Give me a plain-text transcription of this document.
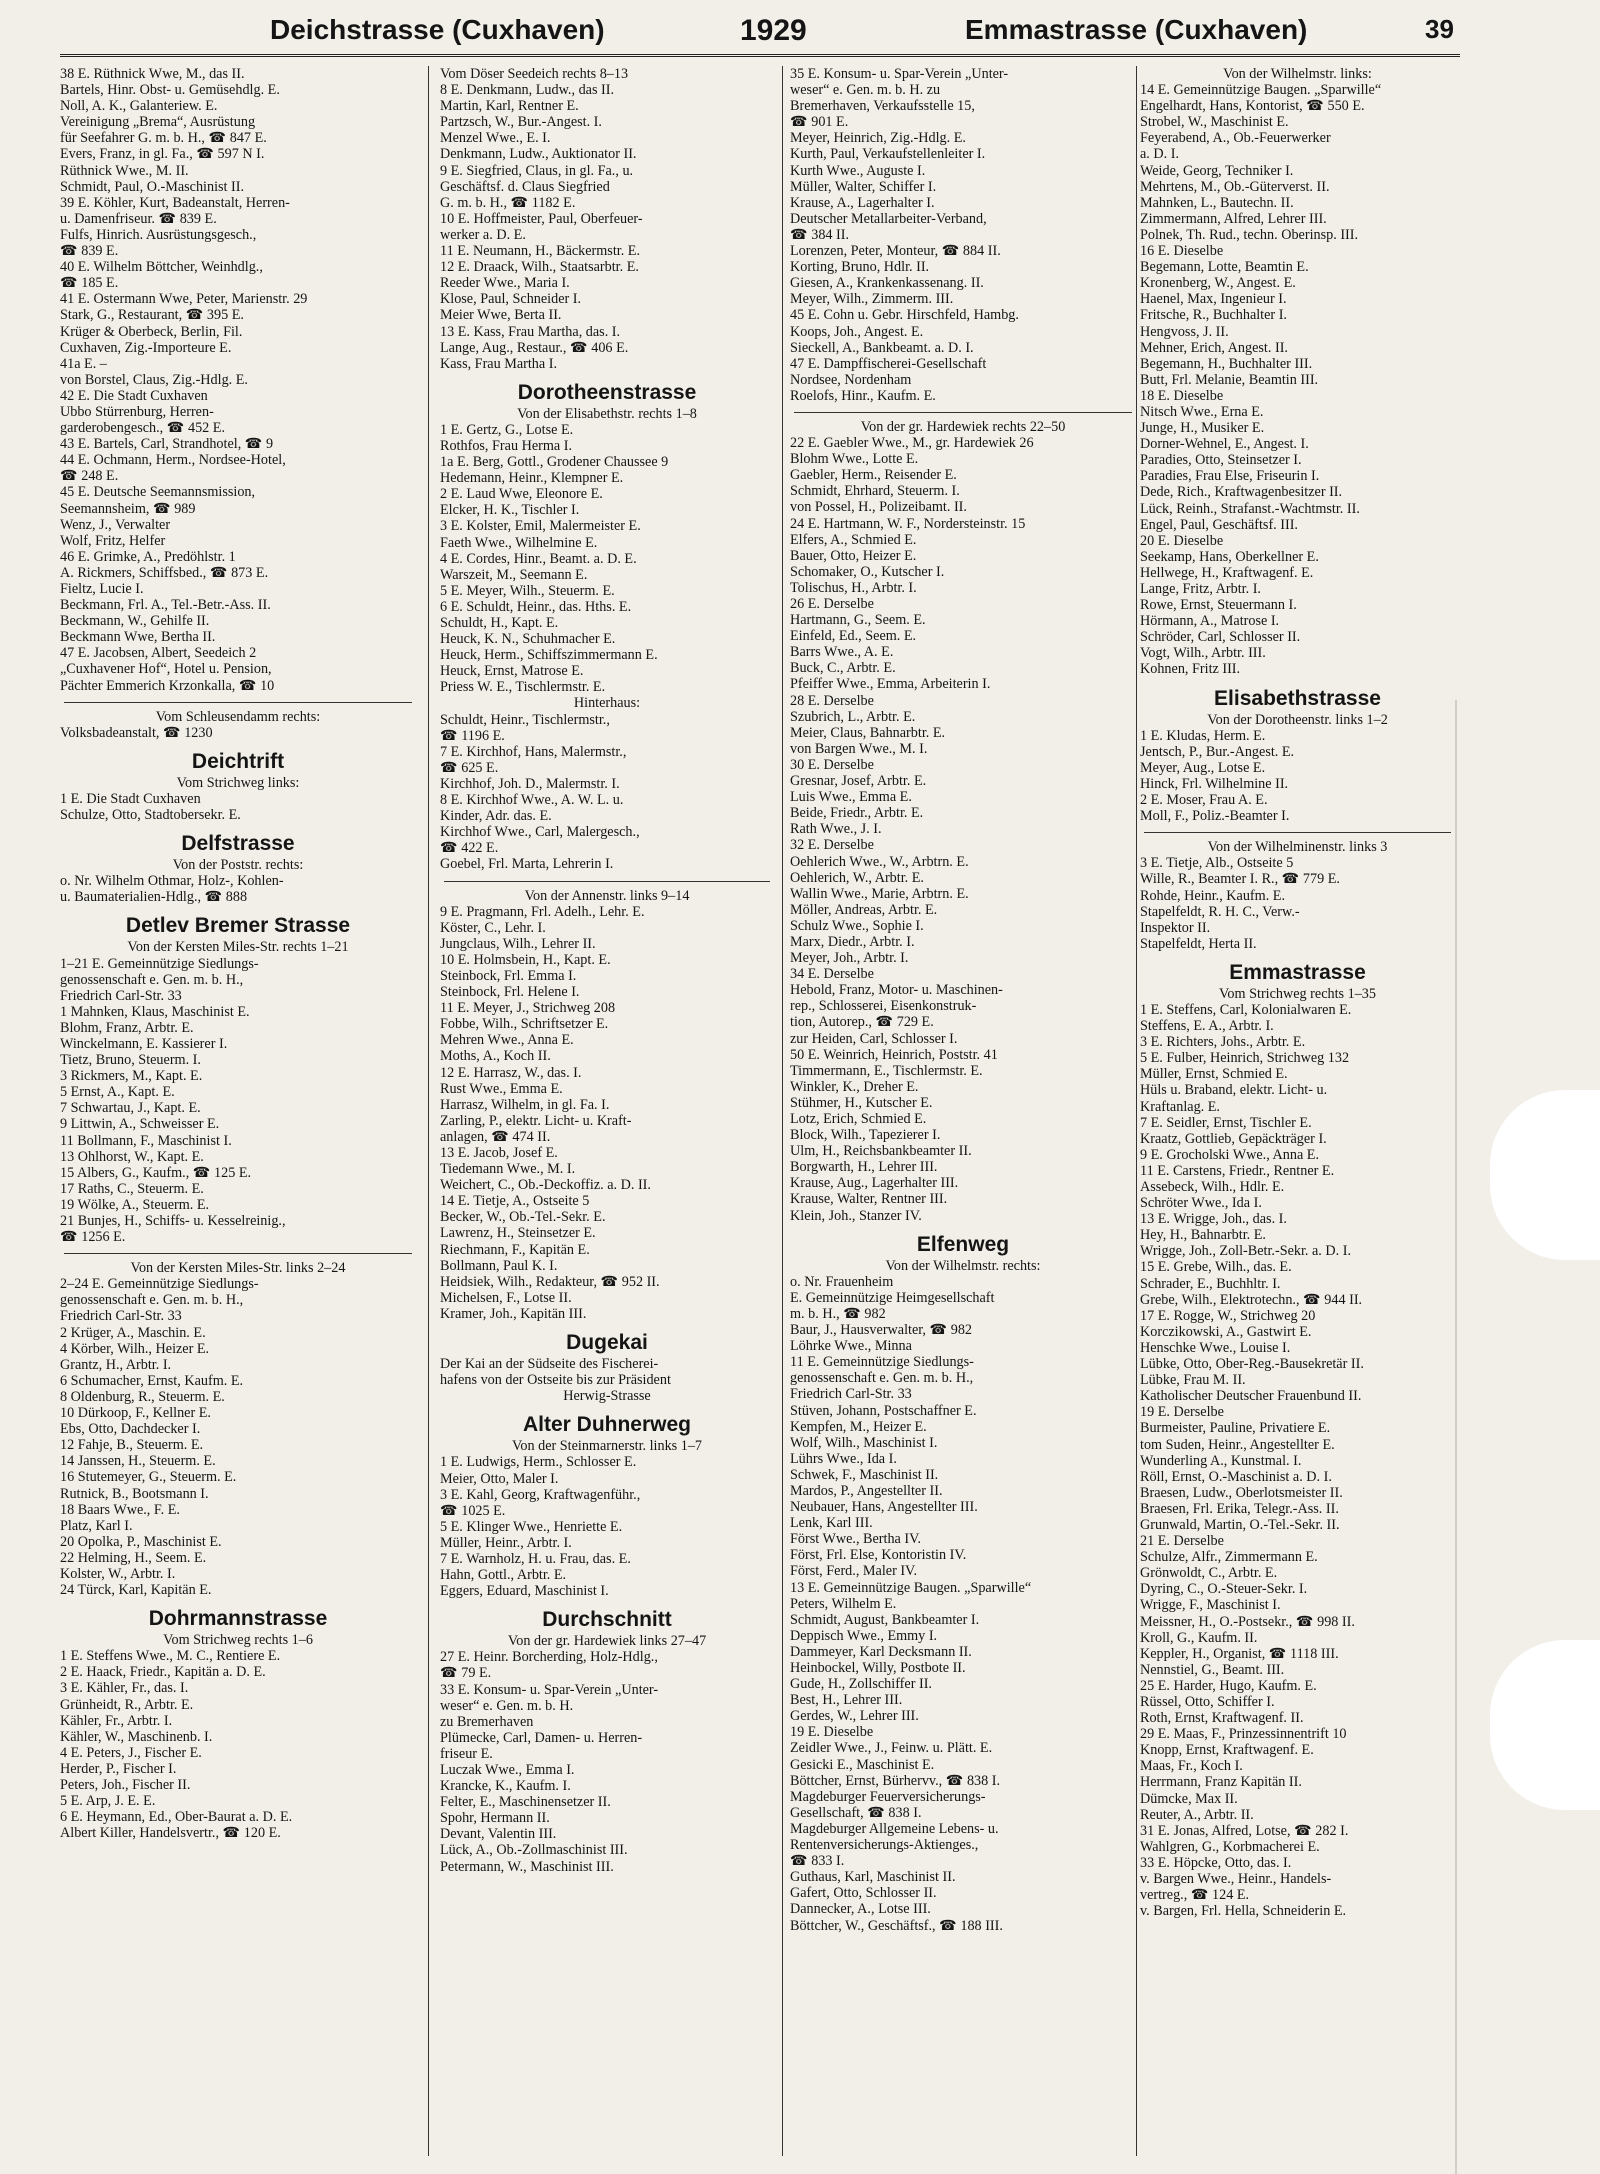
Deichstrasse (Cuxhaven)	1929	Emmastrasse (Cuxhaven)	39
38 E. Rüthnick Wwe, M., das II.
Bartels, Hinr. Obst- u. Gemüsehdlg. E.
Noll, A. K., Galanteriew. E.
Vereinigung „Brema“, Ausrüstung
für Seefahrer G. m. b. H., ☎ 847 E.
Evers, Franz, in gl. Fa., ☎ 597 N I.
Rüthnick Wwe., M. II.
Schmidt, Paul, O.-Maschinist II.
39 E. Köhler, Kurt, Badeanstalt, Herren-
u. Damenfriseur. ☎ 839 E.
Fulfs, Hinrich. Ausrüstungsgesch.,
☎ 839 E.
40 E. Wilhelm Böttcher, Weinhdlg.,
☎ 185 E.
41 E. Ostermann Wwe, Peter, Marienstr. 29
Stark, G., Restaurant, ☎ 395 E.
Krüger & Oberbeck, Berlin, Fil.
Cuxhaven, Zig.-Importeure E.
41a E. –
von Borstel, Claus, Zig.-Hdlg. E.
42 E. Die Stadt Cuxhaven
Ubbo Stürrenburg, Herren-
garderobengesch., ☎ 452 E.
43 E. Bartels, Carl, Strandhotel, ☎ 9
44 E. Ochmann, Herm., Nordsee-Hotel,
☎ 248 E.
45 E. Deutsche Seemannsmission,
Seemannsheim, ☎ 989
Wenz, J., Verwalter
Wolf, Fritz, Helfer
46 E. Grimke, A., Predöhlstr. 1
A. Rickmers, Schiffsbed., ☎ 873 E.
Fieltz, Lucie I.
Beckmann, Frl. A., Tel.-Betr.-Ass. II.
Beckmann, W., Gehilfe II.
Beckmann Wwe, Bertha II.
47 E. Jacobsen, Albert, Seedeich 2
„Cuxhavener Hof“, Hotel u. Pension,
Pächter Emmerich Krzonkalla, ☎ 10
Vom Schleusendamm rechts:
Volksbadeanstalt, ☎ 1230
Deichtrift
Vom Strichweg links:
1 E. Die Stadt Cuxhaven
Schulze, Otto, Stadtobersekr. E.
Delfstrasse
Von der Poststr. rechts:
o. Nr. Wilhelm Othmar, Holz-, Kohlen-
u. Baumaterialien-Hdlg., ☎ 888
Detlev Bremer Strasse
Von der Kersten Miles-Str. rechts 1–21
1–21 E. Gemeinnützige Siedlungs-
genossenschaft e. Gen. m. b. H.,
Friedrich Carl-Str. 33
1 Mahnken, Klaus, Maschinist E.
Blohm, Franz, Arbtr. E.
Winckelmann, E. Kassierer I.
Tietz, Bruno, Steuerm. I.
3 Rickmers, M., Kapt. E.
5 Ernst, A., Kapt. E.
7 Schwartau, J., Kapt. E.
9 Littwin, A., Schweisser E.
11 Bollmann, F., Maschinist I.
13 Ohlhorst, W., Kapt. E.
15 Albers, G., Kaufm., ☎ 125 E.
17 Raths, C., Steuerm. E.
19 Wölke, A., Steuerm. E.
21 Bunjes, H., Schiffs- u. Kesselreinig.,
☎ 1256 E.
Von der Kersten Miles-Str. links 2–24
2–24 E. Gemeinnützige Siedlungs-
genossenschaft e. Gen. m. b. H.,
Friedrich Carl-Str. 33
2 Krüger, A., Maschin. E.
4 Körber, Wilh., Heizer E.
Grantz, H., Arbtr. I.
6 Schumacher, Ernst, Kaufm. E.
8 Oldenburg, R., Steuerm. E.
10 Dürkoop, F., Kellner E.
Ebs, Otto, Dachdecker I.
12 Fahje, B., Steuerm. E.
14 Janssen, H., Steuerm. E.
16 Stutemeyer, G., Steuerm. E.
Rutnick, B., Bootsmann I.
18 Baars Wwe., F. E.
Platz, Karl I.
20 Opolka, P., Maschinist E.
22 Helming, H., Seem. E.
Kolster, W., Arbtr. I.
24 Türck, Karl, Kapitän E.
Dohrmannstrasse
Vom Strichweg rechts 1–6
1 E. Steffens Wwe., M. C., Rentiere E.
2 E. Haack, Friedr., Kapitän a. D. E.
3 E. Kähler, Fr., das. I.
Grünheidt, R., Arbtr. E.
Kähler, Fr., Arbtr. I.
Kähler, W., Maschinenb. I.
4 E. Peters, J., Fischer E.
Herder, P., Fischer I.
Peters, Joh., Fischer II.
5 E. Arp, J. E. E.
6 E. Heymann, Ed., Ober-Baurat a. D. E.
Albert Killer, Handelsvertr., ☎ 120 E.
Vom Döser Seedeich rechts 8–13
8 E. Denkmann, Ludw., das II.
Martin, Karl, Rentner E.
Partzsch, W., Bur.-Angest. I.
Menzel Wwe., E. I.
Denkmann, Ludw., Auktionator II.
9 E. Siegfried, Claus, in gl. Fa., u.
Geschäftsf. d. Claus Siegfried
G. m. b. H., ☎ 1182 E.
10 E. Hoffmeister, Paul, Oberfeuer-
werker a. D. E.
11 E. Neumann, H., Bäckermstr. E.
12 E. Draack, Wilh., Staatsarbtr. E.
Reeder Wwe., Maria I.
Klose, Paul, Schneider I.
Meier Wwe, Berta II.
13 E. Kass, Frau Martha, das. I.
Lange, Aug., Restaur., ☎ 406 E.
Kass, Frau Martha I.
Dorotheenstrasse
Von der Elisabethstr. rechts 1–8
1 E. Gertz, G., Lotse E.
Rothfos, Frau Herma I.
1a E. Berg, Gottl., Grodener Chaussee 9
Hedemann, Heinr., Klempner E.
2 E. Laud Wwe, Eleonore E.
Elcker, H. K., Tischler I.
3 E. Kolster, Emil, Malermeister E.
Faeth Wwe., Wilhelmine E.
4 E. Cordes, Hinr., Beamt. a. D. E.
Warszeit, M., Seemann E.
5 E. Meyer, Wilh., Steuerm. E.
6 E. Schuldt, Heinr., das. Hths. E.
Schuldt, H., Kapt. E.
Heuck, K. N., Schuhmacher E.
Heuck, Herm., Schiffszimmermann E.
Heuck, Ernst, Matrose E.
Priess W. E., Tischlermstr. E.
Hinterhaus:
Schuldt, Heinr., Tischlermstr.,
☎ 1196 E.
7 E. Kirchhof, Hans, Malermstr.,
☎ 625 E.
Kirchhof, Joh. D., Malermstr. I.
8 E. Kirchhof Wwe., A. W. L. u.
Kinder, Adr. das. E.
Kirchhof Wwe., Carl, Malergesch.,
☎ 422 E.
Goebel, Frl. Marta, Lehrerin I.
Von der Annenstr. links 9–14
9 E. Pragmann, Frl. Adelh., Lehr. E.
Köster, C., Lehr. I.
Jungclaus, Wilh., Lehrer II.
10 E. Holmsbein, H., Kapt. E.
Steinbock, Frl. Emma I.
Steinbock, Frl. Helene I.
11 E. Meyer, J., Strichweg 208
Fobbe, Wilh., Schriftsetzer E.
Mehren Wwe., Anna E.
Moths, A., Koch II.
12 E. Harrasz, W., das. I.
Rust Wwe., Emma E.
Harrasz, Wilhelm, in gl. Fa. I.
Zarling, P., elektr. Licht- u. Kraft-
anlagen, ☎ 474 II.
13 E. Jacob, Josef E.
Tiedemann Wwe., M. I.
Weichert, C., Ob.-Deckoffiz. a. D. II.
14 E. Tietje, A., Ostseite 5
Becker, W., Ob.-Tel.-Sekr. E.
Lawrenz, H., Steinsetzer E.
Riechmann, F., Kapitän E.
Bollmann, Paul K. I.
Heidsiek, Wilh., Redakteur, ☎ 952 II.
Michelsen, F., Lotse II.
Kramer, Joh., Kapitän III.
Dugekai
Der Kai an der Südseite des Fischerei-
hafens von der Ostseite bis zur Präsident
Herwig-Strasse
Alter Duhnerweg
Von der Steinmarnerstr. links 1–7
1 E. Ludwigs, Herm., Schlosser E.
Meier, Otto, Maler I.
3 E. Kahl, Georg, Kraftwagenführ.,
☎ 1025 E.
5 E. Klinger Wwe., Henriette E.
Müller, Heinr., Arbtr. I.
7 E. Warnholz, H. u. Frau, das. E.
Hahn, Gottl., Arbtr. E.
Eggers, Eduard, Maschinist I.
Durchschnitt
Von der gr. Hardewiek links 27–47
27 E. Heinr. Borcherding, Holz-Hdlg.,
☎ 79 E.
33 E. Konsum- u. Spar-Verein „Unter-
weser“ e. Gen. m. b. H.
zu Bremerhaven
Plümecke, Carl, Damen- u. Herren-
friseur E.
Luczak Wwe., Emma I.
Krancke, K., Kaufm. I.
Felter, E., Maschinensetzer II.
Spohr, Hermann II.
Devant, Valentin III.
Lück, A., Ob.-Zollmaschinist III.
Petermann, W., Maschinist III.
35 E. Konsum- u. Spar-Verein „Unter-
weser“ e. Gen. m. b. H. zu
Bremerhaven, Verkaufsstelle 15,
☎ 901 E.
Meyer, Heinrich, Zig.-Hdlg. E.
Kurth, Paul, Verkaufstellenleiter I.
Kurth Wwe., Auguste I.
Müller, Walter, Schiffer I.
Krause, A., Lagerhalter I.
Deutscher Metallarbeiter-Verband,
☎ 384 II.
Lorenzen, Peter, Monteur, ☎ 884 II.
Korting, Bruno, Hdlr. II.
Giesen, A., Krankenkassenang. II.
Meyer, Wilh., Zimmerm. III.
45 E. Cohn u. Gebr. Hirschfeld, Hambg.
Koops, Joh., Angest. E.
Sieckell, A., Bankbeamt. a. D. I.
47 E. Dampffischerei-Gesellschaft
Nordsee, Nordenham
Roelofs, Hinr., Kaufm. E.
Von der gr. Hardewiek rechts 22–50
22 E. Gaebler Wwe., M., gr. Hardewiek 26
Blohm Wwe., Lotte E.
Gaebler, Herm., Reisender E.
Schmidt, Ehrhard, Steuerm. I.
von Possel, H., Polizeibamt. II.
24 E. Hartmann, W. F., Nordersteinstr. 15
Elfers, A., Schmied E.
Bauer, Otto, Heizer E.
Schomaker, O., Kutscher I.
Tolischus, H., Arbtr. I.
26 E. Derselbe
Hartmann, G., Seem. E.
Einfeld, Ed., Seem. E.
Barrs Wwe., A. E.
Buck, C., Arbtr. E.
Pfeiffer Wwe., Emma, Arbeiterin I.
28 E. Derselbe
Szubrich, L., Arbtr. E.
Meier, Claus, Bahnarbtr. E.
von Bargen Wwe., M. I.
30 E. Derselbe
Gresnar, Josef, Arbtr. E.
Luis Wwe., Emma E.
Beide, Friedr., Arbtr. E.
Rath Wwe., J. I.
32 E. Derselbe
Oehlerich Wwe., W., Arbtrn. E.
Oehlerich, W., Arbtr. E.
Wallin Wwe., Marie, Arbtrn. E.
Möller, Andreas, Arbtr. E.
Schulz Wwe., Sophie I.
Marx, Diedr., Arbtr. I.
Meyer, Joh., Arbtr. I.
34 E. Derselbe
Hebold, Franz, Motor- u. Maschinen-
rep., Schlosserei, Eisenkonstruk-
tion, Autorep., ☎ 729 E.
zur Heiden, Carl, Schlosser I.
50 E. Weinrich, Heinrich, Poststr. 41
Timmermann, E., Tischlermstr. E.
Winkler, K., Dreher E.
Stühmer, H., Kutscher E.
Lotz, Erich, Schmied E.
Block, Wilh., Tapezierer I.
Ulm, H., Reichsbankbeamter II.
Borgwarth, H., Lehrer III.
Krause, Aug., Lagerhalter III.
Krause, Walter, Rentner III.
Klein, Joh., Stanzer IV.
Elfenweg
Von der Wilhelmstr. rechts:
o. Nr. Frauenheim
E. Gemeinnützige Heimgesellschaft
m. b. H., ☎ 982
Baur, J., Hausverwalter, ☎ 982
Löhrke Wwe., Minna
11 E. Gemeinnützige Siedlungs-
genossenschaft e. Gen. m. b. H.,
Friedrich Carl-Str. 33
Stüven, Johann, Postschaffner E.
Kempfen, M., Heizer E.
Wolf, Wilh., Maschinist I.
Lührs Wwe., Ida I.
Schwek, F., Maschinist II.
Mardos, P., Angestellter II.
Neubauer, Hans, Angestellter III.
Lenk, Karl III.
Först Wwe., Bertha IV.
Först, Frl. Else, Kontoristin IV.
Först, Ferd., Maler IV.
13 E. Gemeinnützige Baugen. „Sparwille“
Peters, Wilhelm E.
Schmidt, August, Bankbeamter I.
Deppisch Wwe., Emmy I.
Dammeyer, Karl Decksmann II.
Heinbockel, Willy, Postbote II.
Gude, H., Zollschiffer II.
Best, H., Lehrer III.
Gerdes, W., Lehrer III.
19 E. Dieselbe
Zeidler Wwe., J., Feinw. u. Plätt. E.
Gesicki E., Maschinist E.
Böttcher, Ernst, Bürhervv., ☎ 838 I.
Magdeburger Feuerversicherungs-
Gesellschaft, ☎ 838 I.
Magdeburger Allgemeine Lebens- u.
Rentenversicherungs-Aktienges.,
☎ 833 I.
Guthaus, Karl, Maschinist II.
Gafert, Otto, Schlosser II.
Dannecker, A., Lotse III.
Böttcher, W., Geschäftsf., ☎ 188 III.
Von der Wilhelmstr. links:
14 E. Gemeinnützige Baugen. „Sparwille“
Engelhardt, Hans, Kontorist, ☎ 550 E.
Strobel, W., Maschinist E.
Feyerabend, A., Ob.-Feuerwerker
a. D. I.
Weide, Georg, Techniker I.
Mehrtens, M., Ob.-Güterverst. II.
Mahnken, L., Bautechn. II.
Zimmermann, Alfred, Lehrer III.
Polnek, Th. Rud., techn. Oberinsp. III.
16 E. Dieselbe
Begemann, Lotte, Beamtin E.
Kronenberg, W., Angest. E.
Haenel, Max, Ingenieur I.
Fritsche, R., Buchhalter I.
Hengvoss, J. II.
Mehner, Erich, Angest. II.
Begemann, H., Buchhalter III.
Butt, Frl. Melanie, Beamtin III.
18 E. Dieselbe
Nitsch Wwe., Erna E.
Junge, H., Musiker E.
Dorner-Wehnel, E., Angest. I.
Paradies, Otto, Steinsetzer I.
Paradies, Frau Else, Friseurin I.
Dede, Rich., Kraftwagenbesitzer II.
Lück, Reinh., Strafanst.-Wachtmstr. II.
Engel, Paul, Geschäftsf. III.
20 E. Dieselbe
Seekamp, Hans, Oberkellner E.
Hellwege, H., Kraftwagenf. E.
Lange, Fritz, Arbtr. I.
Rowe, Ernst, Steuermann I.
Hörmann, A., Matrose I.
Schröder, Carl, Schlosser II.
Vogt, Wilh., Arbtr. III.
Kohnen, Fritz III.
Elisabethstrasse
Von der Dorotheenstr. links 1–2
1 E. Kludas, Herm. E.
Jentsch, P., Bur.-Angest. E.
Meyer, Aug., Lotse E.
Hinck, Frl. Wilhelmine II.
2 E. Moser, Frau A. E.
Moll, F., Poliz.-Beamter I.
Von der Wilhelminenstr. links 3
3 E. Tietje, Alb., Ostseite 5
Wille, R., Beamter I. R., ☎ 779 E.
Rohde, Heinr., Kaufm. E.
Stapelfeldt, R. H. C., Verw.-
Inspektor II.
Stapelfeldt, Herta II.
Emmastrasse
Vom Strichweg rechts 1–35
1 E. Steffens, Carl, Kolonialwaren E.
Steffens, E. A., Arbtr. I.
3 E. Richters, Johs., Arbtr. E.
5 E. Fulber, Heinrich, Strichweg 132
Müller, Ernst, Schmied E.
Hüls u. Braband, elektr. Licht- u.
Kraftanlag. E.
7 E. Seidler, Ernst, Tischler E.
Kraatz, Gottlieb, Gepäckträger I.
9 E. Grocholski Wwe., Anna E.
11 E. Carstens, Friedr., Rentner E.
Assebeck, Wilh., Hdlr. E.
Schröter Wwe., Ida I.
13 E. Wrigge, Joh., das. I.
Hey, H., Bahnarbtr. E.
Wrigge, Joh., Zoll-Betr.-Sekr. a. D. I.
15 E. Grebe, Wilh., das. E.
Schrader, E., Buchhltr. I.
Grebe, Wilh., Elektrotechn., ☎ 944 II.
17 E. Rogge, W., Strichweg 20
Korczikowski, A., Gastwirt E.
Henschke Wwe., Louise I.
Lübke, Otto, Ober-Reg.-Bausekretär II.
Lübke, Frau M. II.
Katholischer Deutscher Frauenbund II.
19 E. Derselbe
Burmeister, Pauline, Privatiere E.
tom Suden, Heinr., Angestellter E.
Wunderling A., Kunstmal. I.
Röll, Ernst, O.-Maschinist a. D. I.
Braesen, Ludw., Oberlotsmeister II.
Braesen, Frl. Erika, Telegr.-Ass. II.
Grunwald, Martin, O.-Tel.-Sekr. II.
21 E. Derselbe
Schulze, Alfr., Zimmermann E.
Grönwoldt, C., Arbtr. E.
Dyring, C., O.-Steuer-Sekr. I.
Wrigge, F., Maschinist I.
Meissner, H., O.-Postsekr., ☎ 998 II.
Kroll, G., Kaufm. II.
Keppler, H., Organist, ☎ 1118 III.
Nennstiel, G., Beamt. III.
25 E. Harder, Hugo, Kaufm. E.
Rüssel, Otto, Schiffer I.
Roth, Ernst, Kraftwagenf. II.
29 E. Maas, F., Prinzessinnentrift 10
Knopp, Ernst, Kraftwagenf. E.
Maas, Fr., Koch I.
Herrmann, Franz Kapitän II.
Dümcke, Max II.
Reuter, A., Arbtr. II.
31 E. Jonas, Alfred, Lotse, ☎ 282 I.
Wahlgren, G., Korbmacherei E.
33 E. Höpcke, Otto, das. I.
v. Bargen Wwe., Heinr., Handels-
vertreg., ☎ 124 E.
v. Bargen, Frl. Hella, Schneiderin E.
